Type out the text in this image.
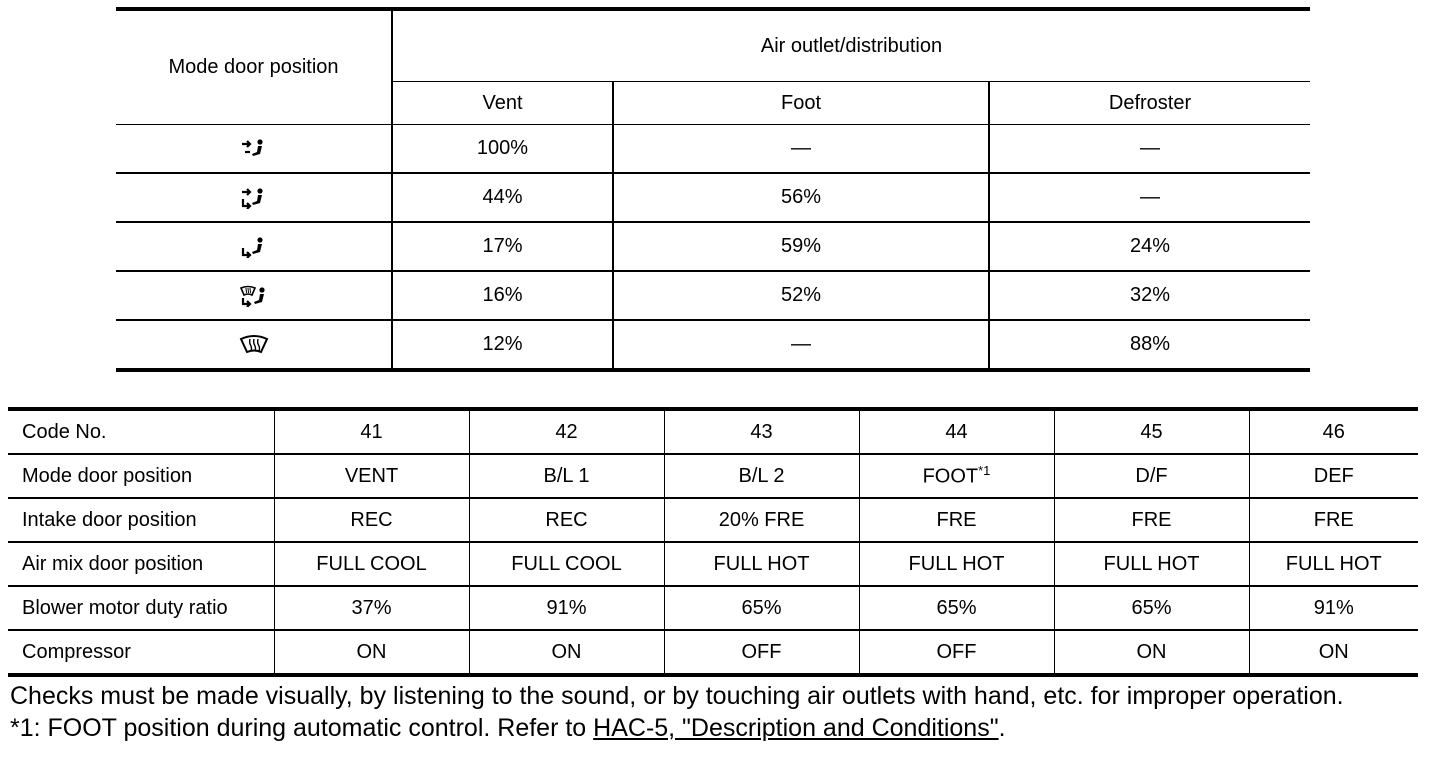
Mode door position	Air outlet/distribution		
	Vent	Foot	Defroster
	100%	—	—
	44%	56%	—
	17%	59%	24%
	16%	52%	32%
	12%	—	88%
Code No.	41	42	43	44	45	46
Mode door position	VENT	B/L 1	B/L 2	FOOT$^{*1}$	D/F	DEF
Intake door position	REC	REC	20% FRE	FRE	FRE	FRE
Air mix door position	FULL COOL	FULL COOL	FULL HOT	FULL HOT	FULL HOT	FULL HOT
Blower motor duty ratio	37%	91%	65%	65%	65%	91%
Compressor	ON	ON	OFF	OFF	ON	ON

Checks must be made visually, by listening to the sound, or by touching air outlets with hand, etc. for improper operation.

*1: FOOT position during automatic control. Refer to HAC-5, "Description and Conditions".
